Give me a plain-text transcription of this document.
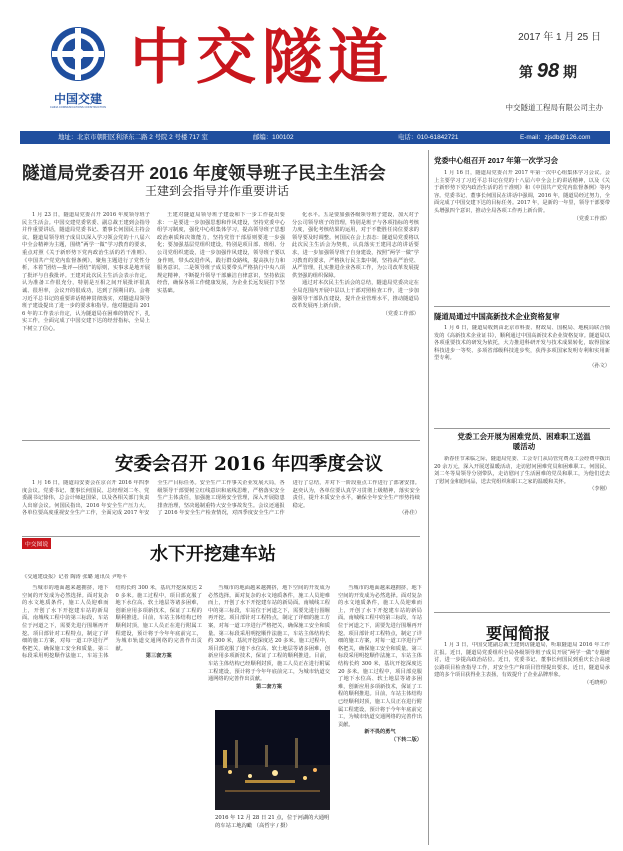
中国交建
CHINA COMMUNICATIONS CONSTRUCTION
中交隧道	2017 年 1 月 25 日
第 98 期
中交隧道工程局有限公司主办
地址：北京市朝阳区利泽东二路 2 号院 2 号楼 717 室	邮编：100102	电话：010-61842721	E-mail：zjsdb@126.com
隧道局党委召开 2016 年度领导班子民主生活会
王建到会指导并作重要讲话

1 月 23 日，隧道局党委召开 2016 年度领导班子民主生活会。中国交建党委常委、副总裁王建到会指导并作重要讲话，隧道局党委书记、董事长何国民主持会议。隧道局领导班子成员以深入学习领会党的十八届六中全会精神为主题，围绕“两学一做”学习教育的要求，重点对照《关于新形势下党内政治生活的若干准则》、《中国共产党党内监督条例》，聚焦主题进行了党性分析，本着“团结—批评—团结”的原则，实事求是地开展了批评与自我批评。王建对此次民主生活会表示肯定。认为准备工作很充分，特别是互相之间开展批评很真诚、很坦率，会议开的很成功，达到了预期目的。会将习近平总书记的重要讲话精神贯彻落实，对隧道局领导班子建设提出了进一步的要求和指导。他对隧道局 2016 年的工作表示肯定，认为隧道局在困难的情况下，扎实工作，全面完成了中国交建下达的经营指标，全局上下树立了信心。

王建对隧道局领导班子建设和下一步工作提出要求：一是要进一步加强思想和作风建设，坚持党委中心组学习制度，强化中心组集体学习，提高领导班子思想政治素质和决策能力，坚持党管干部原则要进一步强化；要加强基层党组织建设，特别是项目部、班组、分公司党组织建设，进一步加强作风建设，领导班子要以身作则，带头改进作风，践行群众路线，提高执行力和服务意识。二是领导班子成员要带头严格执行中央八项规定精神，不断提升领导干部廉洁自律意识，坚持依法经营，确保各项工作健康发展，为企业长远发展打下坚实基础。

化水平。五是要加强各级领导班子建设，加大对子分公司领导班子的管理，特别是班子与各项指标的考核力度，强化考核结果的运用，对于不能胜任岗位要求的领导要及时调整。何国民在会上表态：隧道局党委将以此次民主生活会为契机，认真落实王建同志的讲话要求，进一步加强领导班子自身建设，按照“两学一做”学习教育的要求，严格执行民主集中制，坚持从严治党、从严管理，扎实推进企业各项工作，为公司改革发展提供坚强的组织保障。

通过对本次民主生活会的总结，隧道局党委决定在全局范围内开展中层以上干部对照检查工作，进一步加强领导干部队伍建设，提升企业管理水平，推动隧道局改革发展再上新台阶。

（党委工作部）
安委会召开 2016 年四季度会议

1 月 16 日，隧道局安委会在京召开 2016 年四季度会议。党委书记、董事长何国民、总经理刘二冬、党委副书记徐伟，总会计师赵国荣，以及各相关部门负责人出席会议。何国民指出，2016 年安全生产压力大，各单位要高度重视安全生产工作，全面完成 2017 年安全生产目标任务。安全生产工作事关企业发展大局，各级领导干部要树立红线意识和底线思维，严格落实安全生产主体责任，加强施工现场安全管理，深入开展隐患排查治理，坚决遏制重特大安全事故发生。会议还通报了 2016 年安全生产检查情况，对四季度安全生产工作进行了总结，并对下一阶段重点工作进行了部署安排。赵奕认为，各单位要认真学习贯彻上级精神，落实安全责任，提升本质安全水平，确保全年安全生产形势持续稳定。

（孙佳）
中交图说	水下开挖建车站
《交通建设报》记者 陶涛 张璐 通讯员 尹哈平

当城市的地面越来越拥挤，地下空间的开发成为必然选择。面对复杂的水文地质条件，施工人员迎难而上，开创了水下开挖建车站的新局面。南城线工程中的第三标段，车站位于河道之下，需要先进行围堰再开挖。项目部针对工程特点，制定了详细的施工方案，对每一道工序进行严格把关，确保施工安全和质量。第三标段采用明挖顺作法施工，车站主体结构长约 300 米，基坑开挖深度达 20 多米。施工过程中，项目部克服了地下水位高、软土地层等诸多困难，创新应用多项新技术，保证了工程的顺利推进。目前，车站主体结构已经顺利封顶，施工人员正在进行附属工程建设，预计将于今年年底前完工，为城市轨道交通网络的完善作出贡献。

第三套方案

当城市的地面越来越拥挤，地下空间的开发成为必然选择。面对复杂的水文地质条件，施工人员迎难而上，开创了水下开挖建车站的新局面。南城线工程中的第三标段，车站位于河道之下，需要先进行围堰再开挖。项目部针对工程特点，制定了详细的施工方案，对每一道工序进行严格把关，确保施工安全和质量。第三标段采用明挖顺作法施工，车站主体结构长约 300 米，基坑开挖深度达 20 多米。施工过程中，项目部克服了地下水位高、软土地层等诸多困难，创新应用多项新技术，保证了工程的顺利推进。目前，车站主体结构已经顺利封顶，施工人员正在进行附属工程建设，预计将于今年年底前完工，为城市轨道交通网络的完善作出贡献。

第二套方案

当城市的地面越来越拥挤，地下空间的开发成为必然选择。面对复杂的水文地质条件，施工人员迎难而上，开创了水下开挖建车站的新局面。南城线工程中的第三标段，车站位于河道之下，需要先进行围堰再开挖。项目部针对工程特点，制定了详细的施工方案，对每一道工序进行严格把关，确保施工安全和质量。第三标段采用明挖顺作法施工，车站主体结构长约 300 米，基坑开挖深度达 20 多米。施工过程中，项目部克服了地下水位高、软土地层等诸多困难，创新应用多项新技术，保证了工程的顺利推进。目前，车站主体结构已经顺利封顶，施工人员正在进行附属工程建设，预计将于今年年底前完工，为城市轨道交通网络的完善作出贡献。

新不畏的勇气
（下转二版）
2016 年 12 月 28 日 21 点，位于河湖的大通明的车站工地沟瞰 （高哲宇 / 摄）
党委中心组召开 2017 年第一次学习会

1 月 16 日，隧道局党委召开 2017 年第一次中心组集体学习会议。会上主要学习了习近平总书记在党的十八届六中全会上的讲话精神，以及《关于新形势下党内政治生活的若干准则》和《中国共产党党内监督条例》等内容。党委书记、董事长何国民在讲话中强调，2016 年，隧道局经过努力，全面完成了中国交建下达的目标任务。2017 年，是新的一年里，领导干部要带头增强四个意识，推动全局各项工作再上新台阶。

（党委工作部）
隧道局通过中国高新技术企业资格复审

1 月 6 日，隧道局收到由北京市科委、财政局、国税局、地税局联合颁发的《高新技术企业证书》，顺利通过中国高新技术企业资格复审。隧道局以各项重要技术的研发为依托，大力推进科研开发与技术成果转化，取得国家科技进步一等奖、多项省部级科技进步奖，获得多项国家发明专利和实用新型专利。

（孙文）
党委工会开展为困难党员、困难职工送温暖活动

新春佳节来临之际，隧道局党委、工会专门从局管党费及工会经费中拨出 20 余万元，深入开展送温暖活动，走访慰问困难党员和困难职工。何国民、刘二冬等局领导分别带队，走访慰问了生活困难的党员和职工，为他们送去了慰问金和慰问品，送去党组织和职工之家的温暖和关怀。

（李刚）
要闻简报

1 月 3 日，中国交建副总裁王建到访隧道局，听取隧道局 2016 年工作汇报。近日，隧道局党委组织全局各级领导班子成员开展“两学一做”专题研讨，进一步提高政治站位。近日，党委书记、董事长何国民到重庆长合高速公路项目检查指导工作，对安全生产和项目管理提出要求。近日，隧道局承建的多个项目获得业主表扬，有效提升了企业品牌形象。

（毛晓明）
